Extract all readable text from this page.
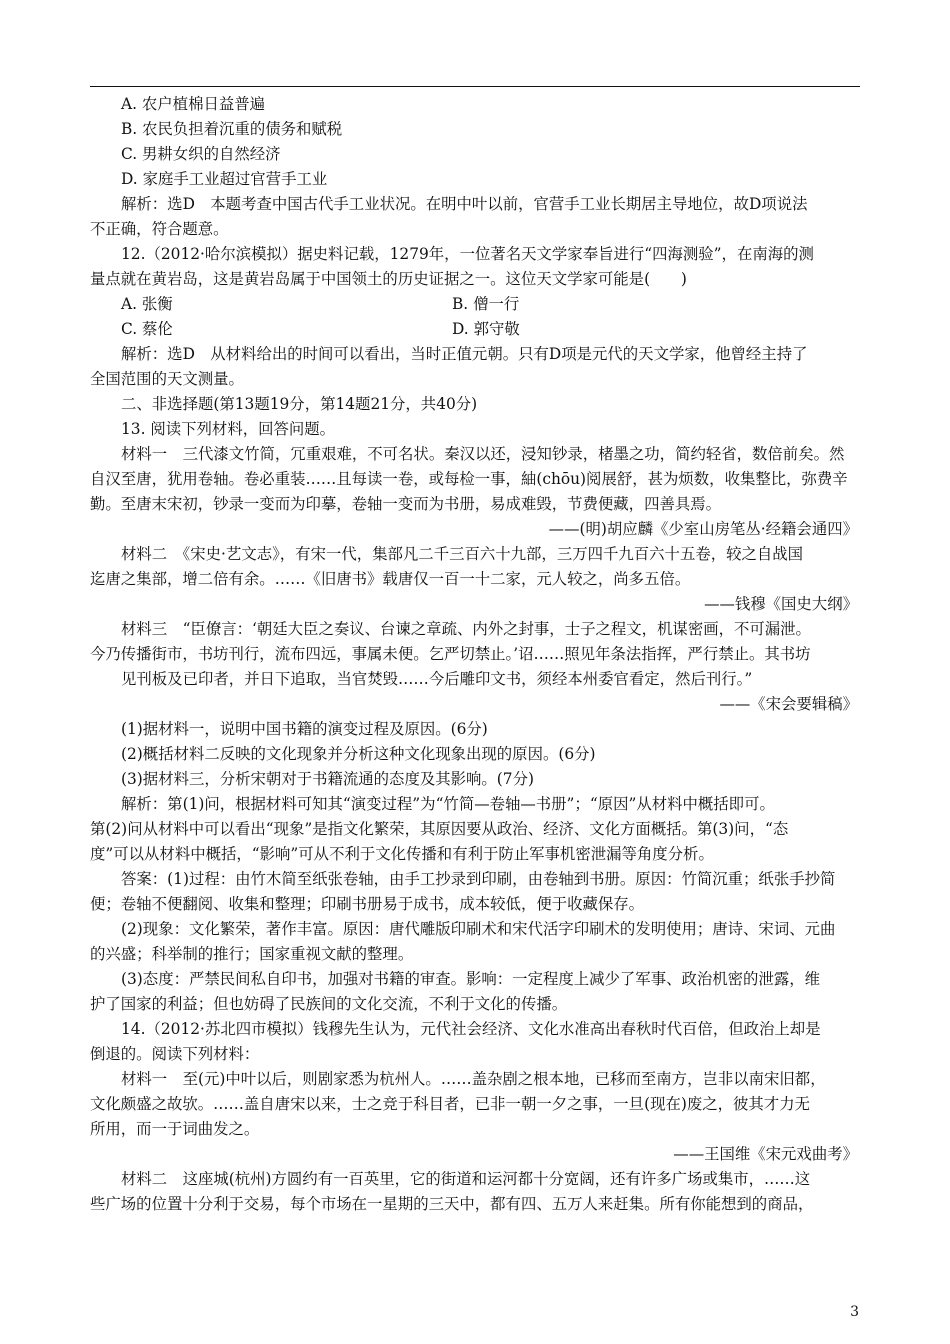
A. 农户植棉日益普遍
B. 农民负担着沉重的债务和赋税
C. 男耕女织的自然经济
D. 家庭手工业超过官营手工业
解析：选D　本题考查中国古代手工业状况。在明中叶以前，官营手工业长期居主导地位，故D项说法
不正确，符合题意。
12.（2012·哈尔滨模拟）据史料记载，1279年，一位著名天文学家奉旨进行“四海测验”，在南海的测
量点就在黄岩岛，这是黄岩岛属于中国领土的历史证据之一。这位天文学家可能是(　　)
A. 张衡	B. 僧一行
C. 蔡伦	D. 郭守敬
解析：选D　从材料给出的时间可以看出，当时正值元朝。只有D项是元代的天文学家，他曾经主持了
全国范围的天文测量。
二、非选择题(第13题19分，第14题21分，共40分)
13. 阅读下列材料，回答问题。
材料一　三代漆文竹简，冗重艰难，不可名状。秦汉以还，浸知钞录，楮墨之功，简约轻省，数倍前矣。然
自汉至唐，犹用卷轴。卷必重装……且每读一卷，或每检一事，紬(chōu)阅展舒，甚为烦数，收集整比，弥费辛
勤。至唐末宋初，钞录一变而为印摹，卷轴一变而为书册，易成难毁，节费便藏，四善具焉。
——(明)胡应麟《少室山房笔丛·经籍会通四》
材料二　《宋史·艺文志》，有宋一代，集部凡二千三百六十九部，三万四千九百六十五卷，较之自战国
迄唐之集部，增二倍有余。……《旧唐书》载唐仅一百一十二家，元人较之，尚多五倍。
——钱穆《国史大纲》
材料三　“臣僚言：‘朝廷大臣之奏议、台谏之章疏、内外之封事，士子之程文，机谋密画，不可漏泄。
今乃传播街市，书坊刊行，流布四远，事属未便。乞严切禁止。’诏……照见年条法指挥，严行禁止。其书坊
见刊板及已印者，并日下追取，当官焚毁……今后雕印文书，须经本州委官看定，然后刊行。”
——《宋会要辑稿》
(1)据材料一，说明中国书籍的演变过程及原因。(6分)
(2)概括材料二反映的文化现象并分析这种文化现象出现的原因。(6分)
(3)据材料三，分析宋朝对于书籍流通的态度及其影响。(7分)
解析：第(1)问，根据材料可知其“演变过程”为“竹简—卷轴—书册”；“原因”从材料中概括即可。
第(2)问从材料中可以看出“现象”是指文化繁荣，其原因要从政治、经济、文化方面概括。第(3)问，“态
度”可以从材料中概括，“影响”可从不利于文化传播和有利于防止军事机密泄漏等角度分析。
答案：(1)过程：由竹木简至纸张卷轴，由手工抄录到印刷，由卷轴到书册。原因：竹简沉重；纸张手抄简
便；卷轴不便翻阅、收集和整理；印刷书册易于成书，成本较低，便于收藏保存。
(2)现象：文化繁荣，著作丰富。原因：唐代雕版印刷术和宋代活字印刷术的发明使用；唐诗、宋词、元曲
的兴盛；科举制的推行；国家重视文献的整理。
(3)态度：严禁民间私自印书，加强对书籍的审查。影响：一定程度上减少了军事、政治机密的泄露，维
护了国家的利益；但也妨碍了民族间的文化交流，不利于文化的传播。
14.（2012·苏北四市模拟）钱穆先生认为，元代社会经济、文化水准高出春秋时代百倍，但政治上却是
倒退的。阅读下列材料：
材料一　至(元)中叶以后，则剧家悉为杭州人。……盖杂剧之根本地，已移而至南方，岂非以南宋旧都，
文化颇盛之故欤。……盖自唐宋以来，士之竞于科目者，已非一朝一夕之事，一旦(现在)废之，彼其才力无
所用，而一于词曲发之。
——王国维《宋元戏曲考》
材料二　这座城(杭州)方圆约有一百英里，它的街道和运河都十分宽阔，还有许多广场或集市，……这
些广场的位置十分利于交易，每个市场在一星期的三天中，都有四、五万人来赶集。所有你能想到的商品，
3
